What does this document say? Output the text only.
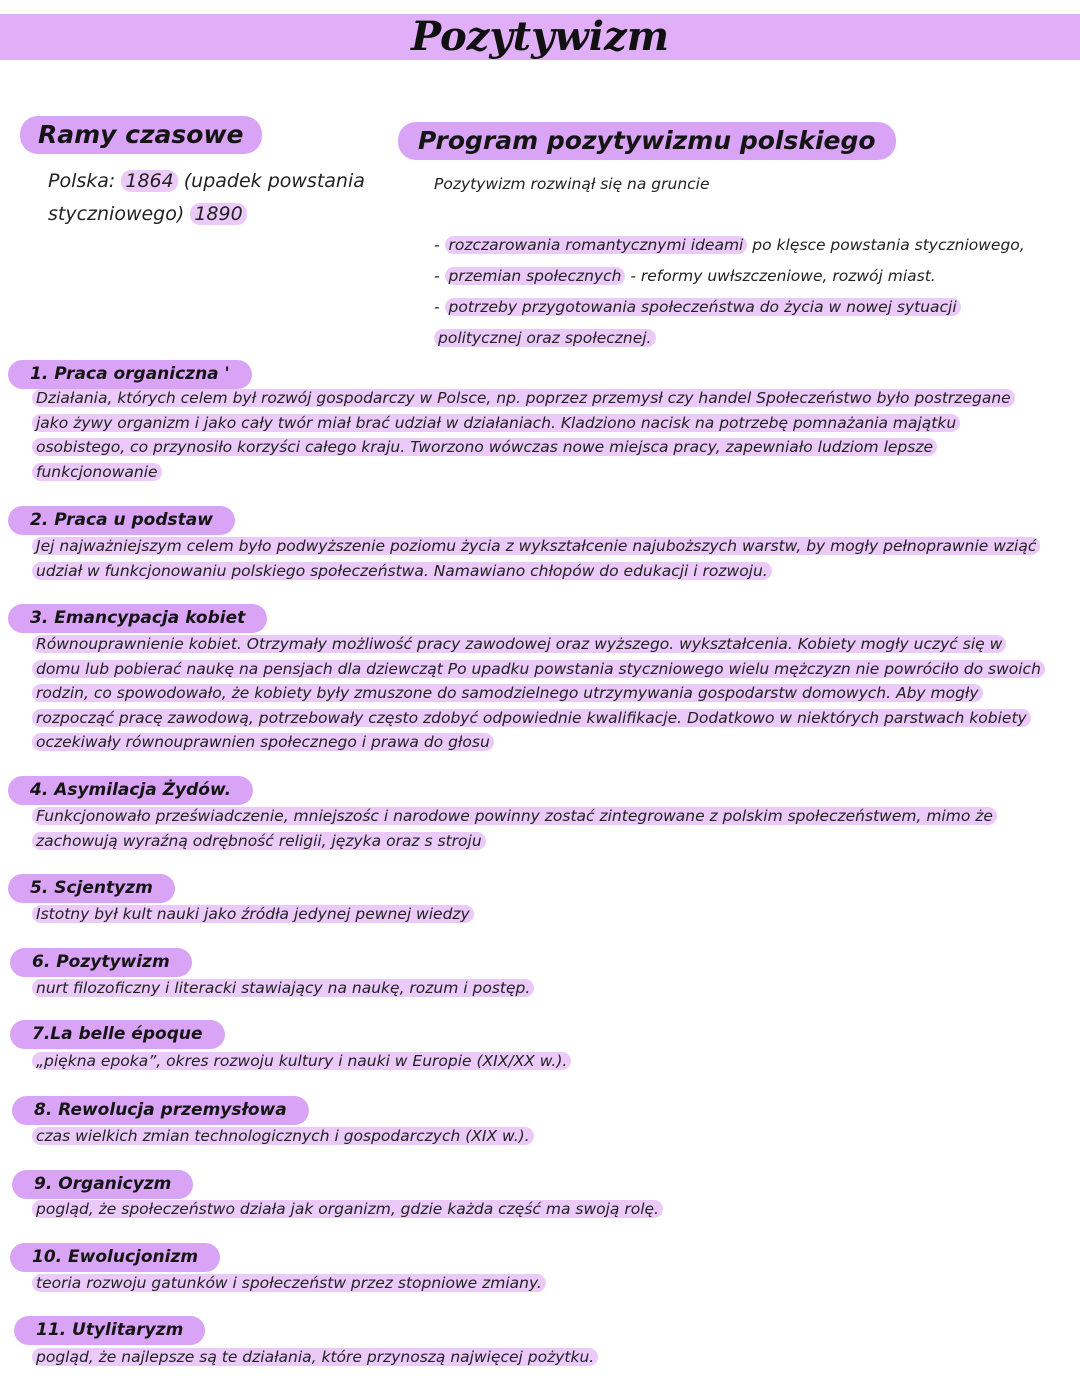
Pozytywizm
Ramy czasowe
Polska: 1864 (upadek powstania
styczniowego) 1890
Program pozytywizmu polskiego
Pozytywizm rozwinął się na gruncie
- rozczarowania romantycznymi ideami po klęsce powstania styczniowego,
- przemian społecznych - reformy uwłszczeniowe, rozwój miast.
- potrzeby przygotowania społeczeństwa do życia w nowej sytuacji
politycznej oraz społecznej.
1. Praca organiczna '
Działania, których celem był rozwój gospodarczy w Polsce, np. poprzez przemysł czy handel Społeczeństwo było postrzegane jako żywy organizm i jako cały twór miał brać udział w działaniach. Kladziono nacisk na potrzebę pomnażania majątku osobistego, co przynosiło korzyści całego kraju. Tworzono wówczas nowe miejsca pracy, zapewniało ludziom lepsze funkcjonowanie
2. Praca u podstaw
Jej najważniejszym celem było podwyższenie poziomu życia z wykształcenie najuboższych warstw, by mogły pełnoprawnie wziąć udział w funkcjonowaniu polskiego społeczeństwa. Namawiano chłopów do edukacji i rozwoju.
3. Emancypacja kobiet
Równouprawnienie kobiet. Otrzymały możliwość pracy zawodowej oraz wyższego. wykształcenia. Kobiety mogły uczyć się w domu lub pobierać naukę na pensjach dla dziewcząt Po upadku powstania styczniowego wielu mężczyzn nie powróciło do swoich rodzin, co spowodowało, że kobiety były zmuszone do samodzielnego utrzymywania gospodarstw domowych. Aby mogły rozpocząć pracę zawodową, potrzebowały często zdobyć odpowiednie kwalifikacje. Dodatkowo w niektórych parstwach kobiety oczekiwały równouprawnien społecznego i prawa do głosu
4. Asymilacja Żydów.
Funkcjonowało przeświadczenie, mniejszośc i narodowe powinny zostać zintegrowane z polskim społeczeństwem, mimo że zachowują wyraźną odrębność religii, języka oraz s stroju
5. Scjentyzm
Istotny był kult nauki jako źródła jedynej pewnej wiedzy
6. Pozytywizm
nurt filozoficzny i literacki stawiający na naukę, rozum i postęp.
7.La belle époque
„piękna epoka”, okres rozwoju kultury i nauki w Europie (XIX/XX w.).
8. Rewolucja przemysłowa
czas wielkich zmian technologicznych i gospodarczych (XIX w.).
9. Organicyzm
pogląd, że społeczeństwo działa jak organizm, gdzie każda część ma swoją rolę.
10. Ewolucjonizm
teoria rozwoju gatunków i społeczeństw przez stopniowe zmiany.
11. Utylitaryzm
pogląd, że najlepsze są te działania, które przynoszą najwięcej pożytku.
